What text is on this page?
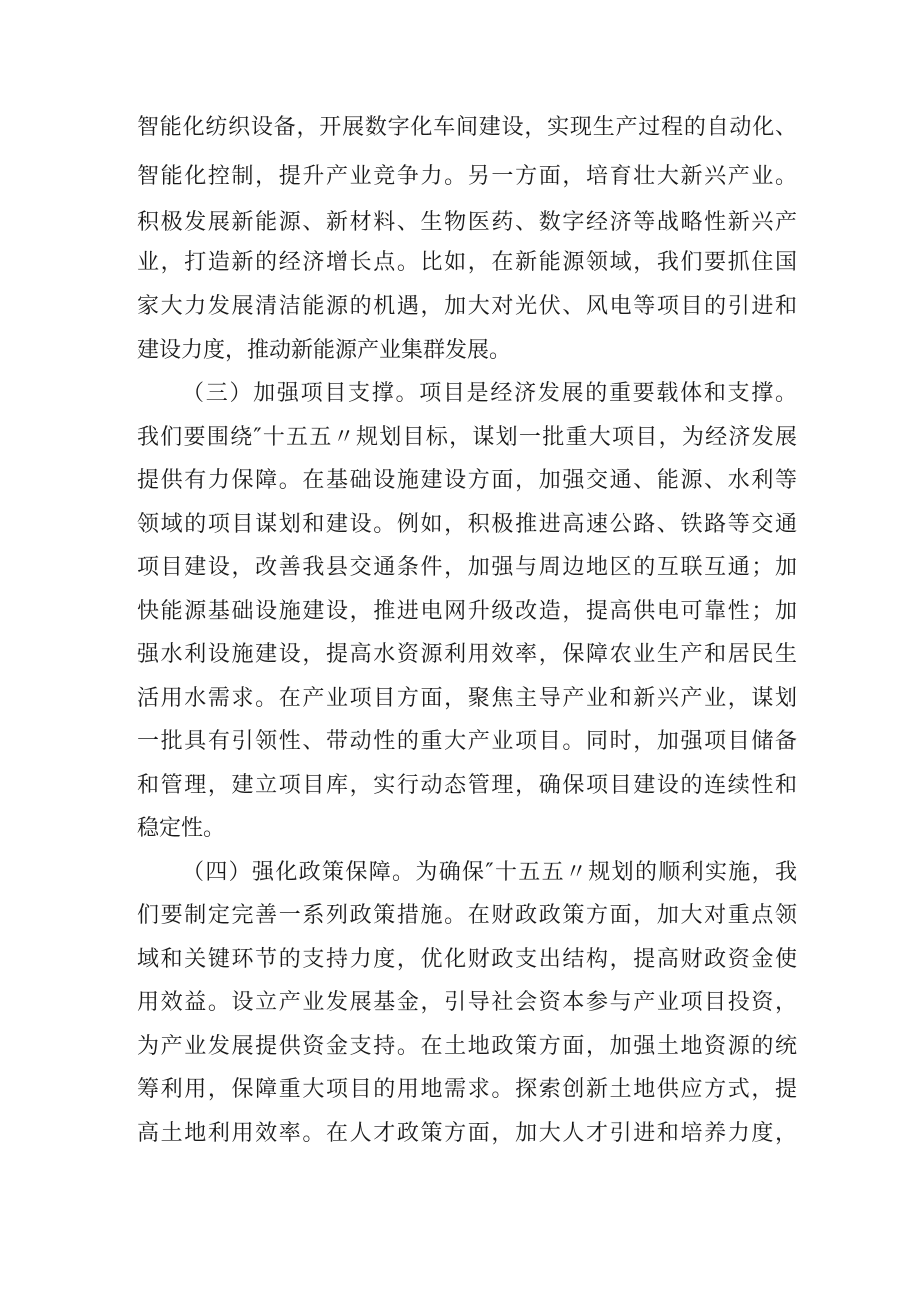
智能化纺织设备，开展数字化车间建设，实现生产过程的自动化、
智能化控制，提升产业竞争力。另一方面，培育壮大新兴产业。
积极发展新能源、新材料、生物医药、数字经济等战略性新兴产
业，打造新的经济增长点。比如，在新能源领域，我们要抓住国
家大力发展清洁能源的机遇，加大对光伏、风电等项目的引进和
建设力度，推动新能源产业集群发展。
（三）加强项目支撑。项目是经济发展的重要载体和支撑。
我们要围绕″十五五〃规划目标，谋划一批重大项目，为经济发展
提供有力保障。在基础设施建设方面，加强交通、能源、水利等
领域的项目谋划和建设。例如，积极推进高速公路、铁路等交通
项目建设，改善我县交通条件，加强与周边地区的互联互通；加
快能源基础设施建设，推进电网升级改造，提高供电可靠性；加
强水利设施建设，提高水资源利用效率，保障农业生产和居民生
活用水需求。在产业项目方面，聚焦主导产业和新兴产业，谋划
一批具有引领性、带动性的重大产业项目。同时，加强项目储备
和管理，建立项目库，实行动态管理，确保项目建设的连续性和
稳定性。
（四）强化政策保障。为确保″十五五〃规划的顺利实施，我
们要制定完善一系列政策措施。在财政政策方面，加大对重点领
域和关键环节的支持力度，优化财政支出结构，提高财政资金使
用效益。设立产业发展基金，引导社会资本参与产业项目投资，
为产业发展提供资金支持。在土地政策方面，加强土地资源的统
筹利用，保障重大项目的用地需求。探索创新土地供应方式，提
高土地利用效率。在人才政策方面，加大人才引进和培养力度，
